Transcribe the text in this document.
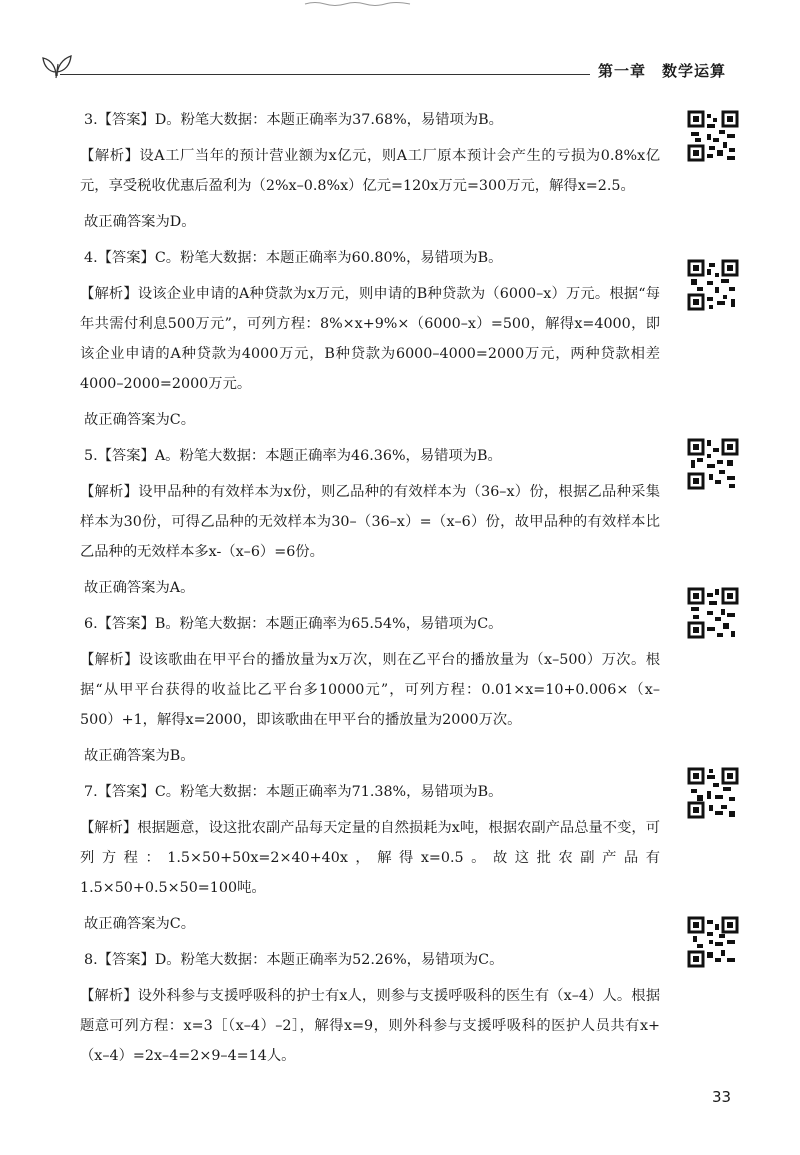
第一章　数学运算

3.【答案】D。粉笔大数据：本题正确率为37.68%，易错项为B。

【解析】设A工厂当年的预计营业额为x亿元，则A工厂原本预计会产生的亏损为0.8%x亿元，享受税收优惠后盈利为（2%x–0.8%x）亿元=120x万元=300万元，解得x=2.5。

故正确答案为D。

4.【答案】C。粉笔大数据：本题正确率为60.80%，易错项为B。

【解析】设该企业申请的A种贷款为x万元，则申请的B种贷款为（6000–x）万元。根据“每年共需付利息500万元”，可列方程：8%×x+9%×（6000–x）=500，解得x=4000，即该企业申请的A种贷款为4000万元，B种贷款为6000–4000=2000万元，两种贷款相差4000–2000=2000万元。

故正确答案为C。

5.【答案】A。粉笔大数据：本题正确率为46.36%，易错项为B。

【解析】设甲品种的有效样本为x份，则乙品种的有效样本为（36–x）份，根据乙品种采集样本为30份，可得乙品种的无效样本为30–（36–x）=（x–6）份，故甲品种的有效样本比乙品种的无效样本多x-（x–6）=6份。

故正确答案为A。

6.【答案】B。粉笔大数据：本题正确率为65.54%，易错项为C。

【解析】设该歌曲在甲平台的播放量为x万次，则在乙平台的播放量为（x–500）万次。根据“从甲平台获得的收益比乙平台多10000元”，可列方程：0.01×x=10+0.006×（x–500）+1，解得x=2000，即该歌曲在甲平台的播放量为2000万次。

故正确答案为B。

7.【答案】C。粉笔大数据：本题正确率为71.38%，易错项为B。

【解析】根据题意，设这批农副产品每天定量的自然损耗为x吨，根据农副产品总量不变，可列方程：1.5×50+50x=2×40+40x，解得x=0.5。故这批农副产品有1.5×50+0.5×50=100吨。

故正确答案为C。

8.【答案】D。粉笔大数据：本题正确率为52.26%，易错项为C。

【解析】设外科参与支援呼吸科的护士有x人，则参与支援呼吸科的医生有（x–4）人。根据题意可列方程：x=3［（x–4）–2］，解得x=9，则外科参与支援呼吸科的医护人员共有x+（x–4）=2x–4=2×9–4=14人。

33
